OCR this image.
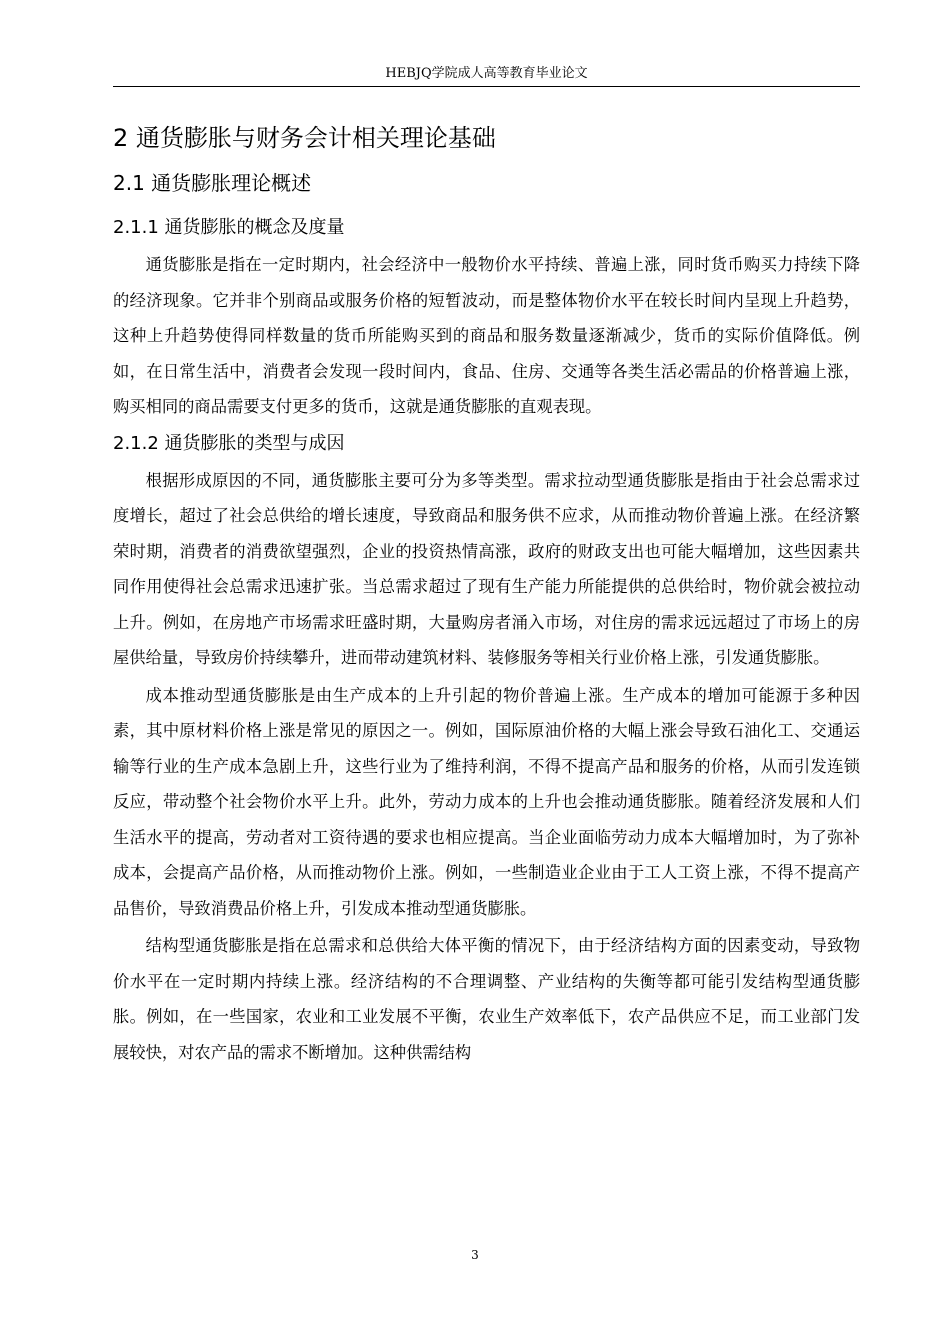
HEBJQ学院成人高等教育毕业论文
2 通货膨胀与财务会计相关理论基础
2.1 通货膨胀理论概述
2.1.1 通货膨胀的概念及度量

通货膨胀是指在一定时期内，社会经济中一般物价水平持续、普遍上涨，同时货币购买力持续下降的经济现象。它并非个别商品或服务价格的短暂波动，而是整体物价水平在较长时间内呈现上升趋势，这种上升趋势使得同样数量的货币所能购买到的商品和服务数量逐渐减少，货币的实际价值降低。例如，在日常生活中，消费者会发现一段时间内，食品、住房、交通等各类生活必需品的价格普遍上涨，购买相同的商品需要支付更多的货币，这就是通货膨胀的直观表现。

2.1.2 通货膨胀的类型与成因

根据形成原因的不同，通货膨胀主要可分为多等类型。需求拉动型通货膨胀是指由于社会总需求过度增长，超过了社会总供给的增长速度，导致商品和服务供不应求，从而推动物价普遍上涨。在经济繁荣时期，消费者的消费欲望强烈，企业的投资热情高涨，政府的财政支出也可能大幅增加，这些因素共同作用使得社会总需求迅速扩张。当总需求超过了现有生产能力所能提供的总供给时，物价就会被拉动上升。例如，在房地产市场需求旺盛时期，大量购房者涌入市场，对住房的需求远远超过了市场上的房屋供给量，导致房价持续攀升，进而带动建筑材料、装修服务等相关行业价格上涨，引发通货膨胀。

成本推动型通货膨胀是由生产成本的上升引起的物价普遍上涨。生产成本的增加可能源于多种因素，其中原材料价格上涨是常见的原因之一。例如，国际原油价格的大幅上涨会导致石油化工、交通运输等行业的生产成本急剧上升，这些行业为了维持利润，不得不提高产品和服务的价格，从而引发连锁反应，带动整个社会物价水平上升。此外，劳动力成本的上升也会推动通货膨胀。随着经济发展和人们生活水平的提高，劳动者对工资待遇的要求也相应提高。当企业面临劳动力成本大幅增加时，为了弥补成本，会提高产品价格，从而推动物价上涨。例如，一些制造业企业由于工人工资上涨，不得不提高产品售价，导致消费品价格上升，引发成本推动型通货膨胀。

结构型通货膨胀是指在总需求和总供给大体平衡的情况下，由于经济结构方面的因素变动，导致物价水平在一定时期内持续上涨。经济结构的不合理调整、产业结构的失衡等都可能引发结构型通货膨胀。例如，在一些国家，农业和工业发展不平衡，农业生产效率低下，农产品供应不足，而工业部门发展较快，对农产品的需求不断增加。这种供需结构

3
